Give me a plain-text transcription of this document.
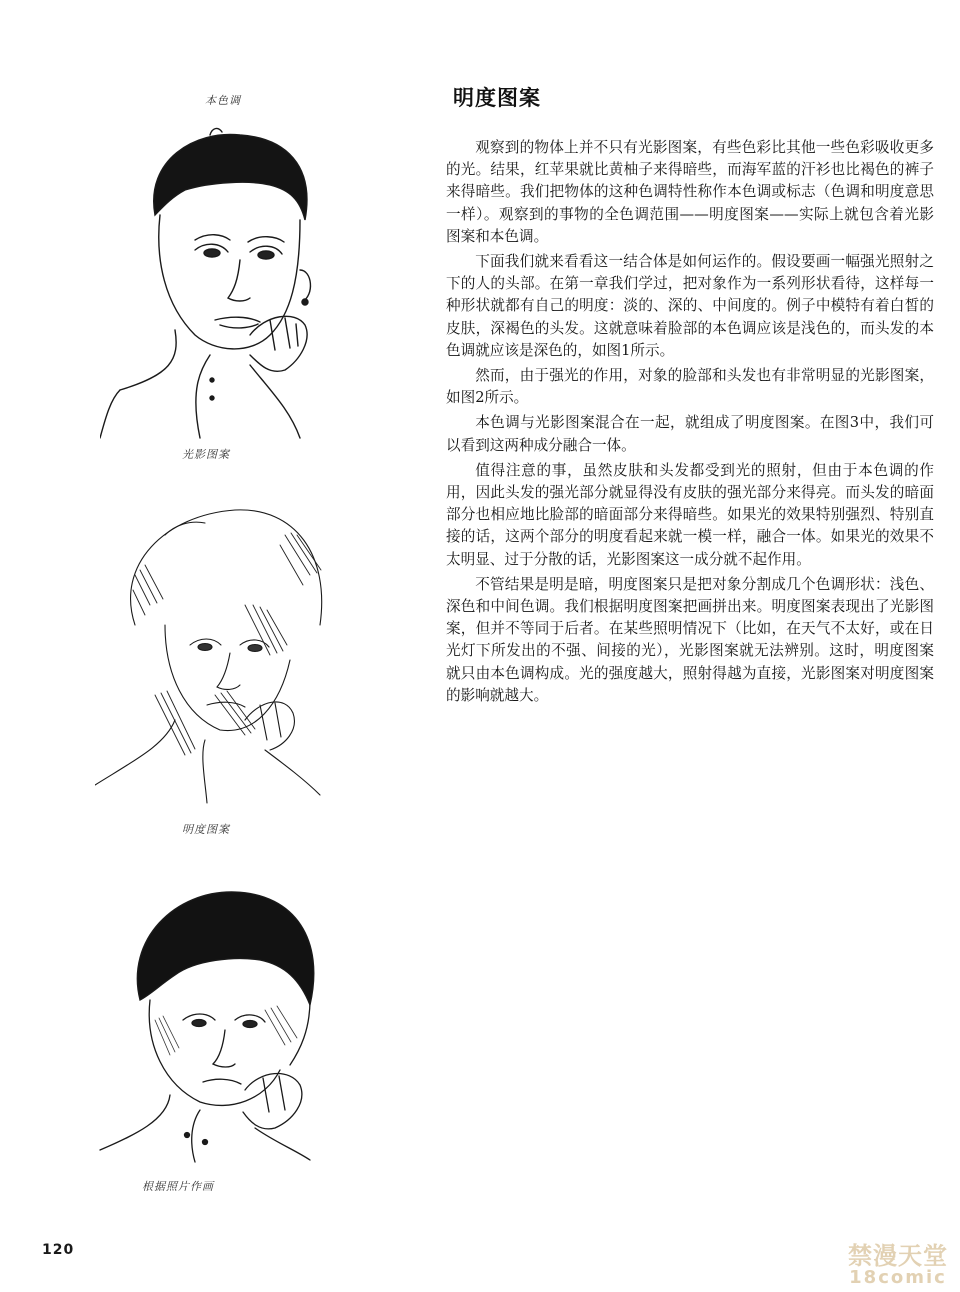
本色调
光影图案
明度图案
根据照片作画
明度图案

观察到的物体上并不只有光影图案，有些色彩比其他一些色彩吸收更多的光。结果，红苹果就比黄柚子来得暗些，而海军蓝的汗衫也比褐色的裤子来得暗些。我们把物体的这种色调特性称作本色调或标志（色调和明度意思一样）。观察到的事物的全色调范围——明度图案——实际上就包含着光影图案和本色调。

下面我们就来看看这一结合体是如何运作的。假设要画一幅强光照射之下的人的头部。在第一章我们学过，把对象作为一系列形状看待，这样每一种形状就都有自己的明度：淡的、深的、中间度的。例子中模特有着白皙的皮肤，深褐色的头发。这就意味着脸部的本色调应该是浅色的，而头发的本色调就应该是深色的，如图1所示。

然而，由于强光的作用，对象的脸部和头发也有非常明显的光影图案，如图2所示。

本色调与光影图案混合在一起，就组成了明度图案。在图3中，我们可以看到这两种成分融合一体。

值得注意的事，虽然皮肤和头发都受到光的照射，但由于本色调的作用，因此头发的强光部分就显得没有皮肤的强光部分来得亮。而头发的暗面部分也相应地比脸部的暗面部分来得暗些。如果光的效果特别强烈、特别直接的话，这两个部分的明度看起来就一模一样，融合一体。如果光的效果不太明显、过于分散的话，光影图案这一成分就不起作用。

不管结果是明是暗，明度图案只是把对象分割成几个色调形状：浅色、深色和中间色调。我们根据明度图案把画拼出来。明度图案表现出了光影图案，但并不等同于后者。在某些照明情况下（比如，在天气不太好，或在日光灯下所发出的不强、间接的光），光影图案就无法辨别。这时，明度图案就只由本色调构成。光的强度越大，照射得越为直接，光影图案对明度图案的影响就越大。

120	禁漫天堂
18comic
